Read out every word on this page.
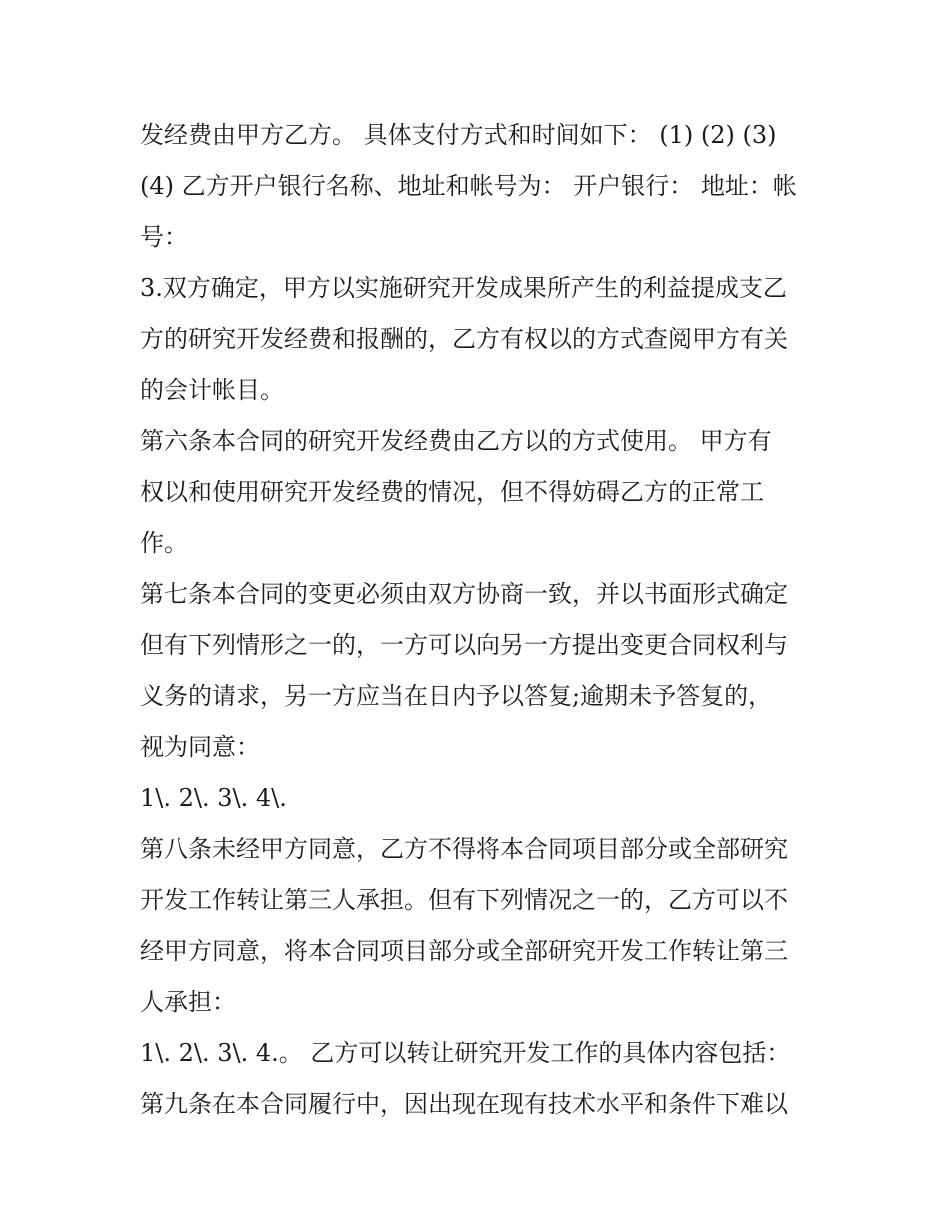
发经费由甲方乙方。 具体支付方式和时间如下： (1) (2) (3)
(4) 乙方开户银行名称、地址和帐号为： 开户银行： 地址：帐
号：
3.双方确定，甲方以实施研究开发成果所产生的利益提成支乙
方的研究开发经费和报酬的，乙方有权以的方式查阅甲方有关
的会计帐目。
第六条本合同的研究开发经费由乙方以的方式使用。 甲方有
权以和使用研究开发经费的情况，但不得妨碍乙方的正常工
作。
第七条本合同的变更必须由双方协商一致，并以书面形式确定
但有下列情形之一的，一方可以向另一方提出变更合同权利与
义务的请求，另一方应当在日内予以答复;逾期未予答复的，
视为同意：
1\. 2\. 3\. 4\.
第八条未经甲方同意，乙方不得将本合同项目部分或全部研究
开发工作转让第三人承担。但有下列情况之一的，乙方可以不
经甲方同意，将本合同项目部分或全部研究开发工作转让第三
人承担：
1\. 2\. 3\. 4.。 乙方可以转让研究开发工作的具体内容包括：
第九条在本合同履行中，因出现在现有技术水平和条件下难以
